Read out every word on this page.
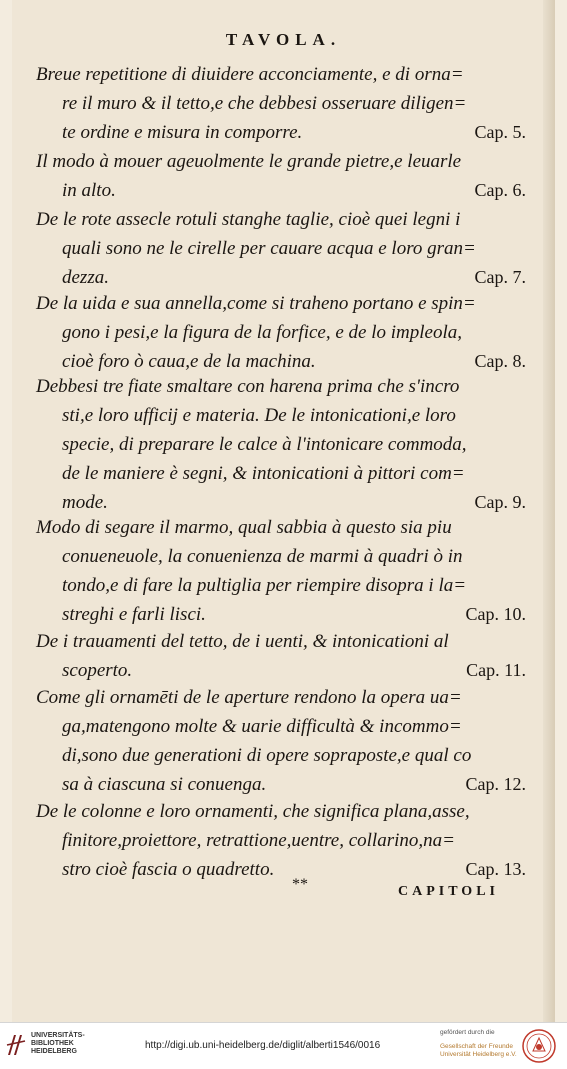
TAVOLA.
Breue repetitione di diuidere acconciamente, e di orna=
re il muro & il tetto,e che debbesi osseruare diligen=
te ordine e misura in comporre.	Cap. 5.
Il modo à mouer ageuolmente le grande pietre,e leuarle
in alto.	Cap. 6.
De le rote assecle rotuli stanghe taglie, cioè quei legni i
quali sono ne le cirelle per cauare acqua e loro gran=
dezza.	Cap. 7.
De la uida e sua annella,come si traheno portano e spin=
gono i pesi,e la figura de la forfice, e de lo impleola,
cioè foro ò caua,e de la machina.	Cap. 8.
Debbesi tre fiate smaltare con harena prima che s'incro
sti,e loro ufficij e materia. De le intonicationi,e loro
specie, di preparare le calce à l'intonicare commoda,
de le maniere è segni, & intonicationi à pittori com=
mode.	Cap. 9.
Modo di segare il marmo, qual sabbia à questo sia piu
conueneuole, la conuenienza de marmi à quadri ò in
tondo,e di fare la pultiglia per riempire disopra i la=
streghi e farli lisci.	Cap. 10.
De i trauamenti del tetto, de i uenti, & intonicationi al
scoperto.	Cap. 11.
Come gli ornamēti de le aperture rendono la opera ua=
ga,matengono molte & uarie difficultà & incommo=
di,sono due generationi di opere sopraposte,e qual co
sa à ciascuna si conuenga.	Cap. 12.
De le colonne e loro ornamenti, che significa plana,asse,
finitore,proiettore, retrattione,uentre, collarino,na=
stro cioè fascia o quadretto.	Cap. 13.
**	CAPITOLI
UNIVERSITÄTS-
BIBLIOTHEK
HEIDELBERG
http://digi.ub.uni-heidelberg.de/diglit/alberti1546/0016
gefördert durch die
Gesellschaft der Freunde
Universität Heidelberg e.V.
